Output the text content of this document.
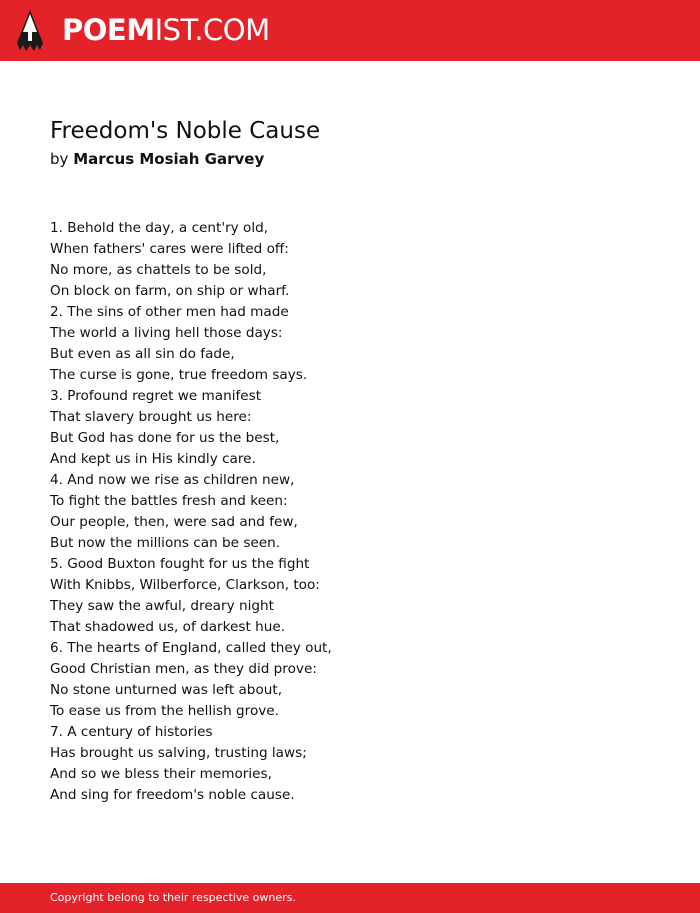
POEMIST.COM
Freedom's Noble Cause
by Marcus Mosiah Garvey
1. Behold the day, a cent'ry old,
When fathers' cares were lifted off:
No more, as chattels to be sold,
On block on farm, on ship or wharf.
2. The sins of other men had made
The world a living hell those days:
But even as all sin do fade,
The curse is gone, true freedom says.
3. Profound regret we manifest
That slavery brought us here:
But God has done for us the best,
And kept us in His kindly care.
4. And now we rise as children new,
To fight the battles fresh and keen:
Our people, then, were sad and few,
But now the millions can be seen.
5. Good Buxton fought for us the fight
With Knibbs, Wilberforce, Clarkson, too:
They saw the awful, dreary night
That shadowed us, of darkest hue.
6. The hearts of England, called they out,
Good Christian men, as they did prove:
No stone unturned was left about,
To ease us from the hellish grove.
7. A century of histories
Has brought us salving, trusting laws;
And so we bless their memories,
And sing for freedom's noble cause.
Copyright belong to their respective owners.
